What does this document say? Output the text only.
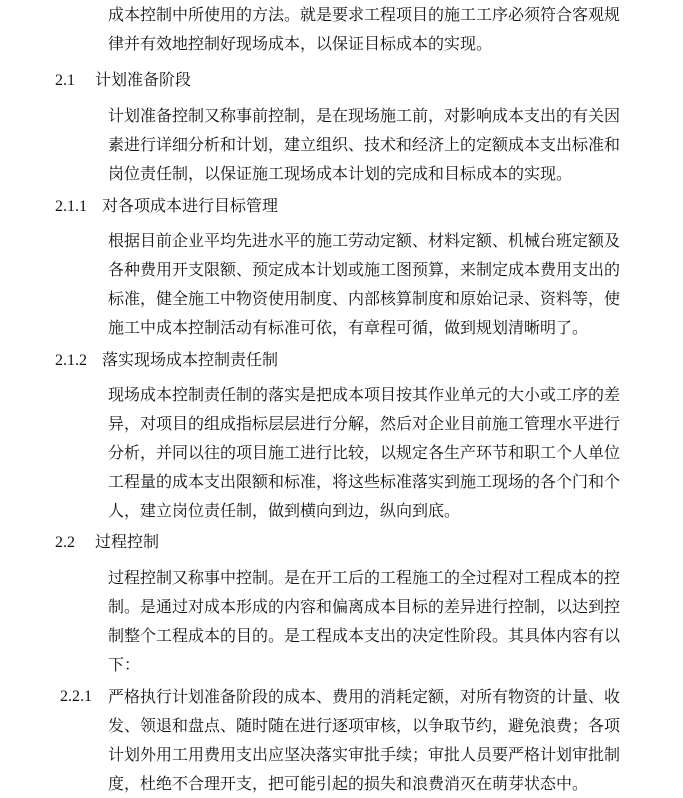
成本控制中所使用的方法。就是要求工程项目的施工工序必须符合客观规律并有效地控制好现场成本，以保证目标成本的实现。

2.1 计划准备阶段

计划准备控制又称事前控制，是在现场施工前，对影响成本支出的有关因素进行详细分析和计划，建立组织、技术和经济上的定额成本支出标准和岗位责任制，以保证施工现场成本计划的完成和目标成本的实现。

2.1.1 对各项成本进行目标管理

根据目前企业平均先进水平的施工劳动定额、材料定额、机械台班定额及各种费用开支限额、预定成本计划或施工图预算，来制定成本费用支出的标准，健全施工中物资使用制度、内部核算制度和原始记录、资料等，使施工中成本控制活动有标准可依，有章程可循，做到规划清晰明了。

2.1.2 落实现场成本控制责任制

现场成本控制责任制的落实是把成本项目按其作业单元的大小或工序的差异，对项目的组成指标层层进行分解，然后对企业目前施工管理水平进行分析，并同以往的项目施工进行比较，以规定各生产环节和职工个人单位工程量的成本支出限额和标准，将这些标准落实到施工现场的各个门和个人，建立岗位责任制，做到横向到边，纵向到底。

2.2 过程控制

过程控制又称事中控制。是在开工后的工程施工的全过程对工程成本的控制。是通过对成本形成的内容和偏离成本目标的差异进行控制，以达到控制整个工程成本的目的。是工程成本支出的决定性阶段。其具体内容有以下：

2.2.1 严格执行计划准备阶段的成本、费用的消耗定额，对所有物资的计量、收发、领退和盘点、随时随在进行逐项审核，以争取节约，避免浪费；各项计划外用工用费用支出应坚决落实审批手续；审批人员要严格计划审批制度，杜绝不合理开支，把可能引起的损失和浪费消灭在萌芽状态中。
